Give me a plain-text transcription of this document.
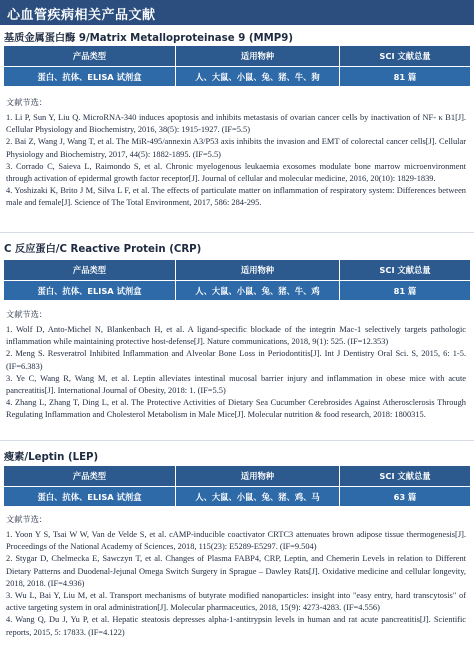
心血管疾病相关产品文献
基质金属蛋白酶 9/Matrix Metalloproteinase 9 (MMP9)
产品类型	适用物种	SCI 文献总量
蛋白、抗体、ELISA 试剂盒	人、大鼠、小鼠、兔、猪、牛、狗	81 篇
文献节选：
1. Li P, Sun Y, Liu Q. MicroRNA-340 induces apoptosis and inhibits metastasis of ovarian cancer cells by inactivation of NF- κ B1[J]. Cellular Physiology and Biochemistry, 2016, 38(5): 1915-1927. (IF=5.5)
2. Bai Z, Wang J, Wang T, et al. The MiR-495/annexin A3/P53 axis inhibits the invasion and EMT of colorectal cancer cells[J]. Cellular Physiology and Biochemistry, 2017, 44(5): 1882-1895. (IF=5.5)
3. Corrado C, Saieva L, Raimondo S, et al. Chronic myelogenous leukaemia exosomes modulate bone marrow microenvironment through activation of epidermal growth factor receptor[J]. Journal of cellular and molecular medicine, 2016, 20(10): 1829-1839.
4. Yoshizaki K, Brito J M, Silva L F, et al. The effects of particulate matter on inflammation of respiratory system: Differences between male and female[J]. Science of The Total Environment, 2017, 586: 284-295.
C 反应蛋白/C Reactive Protein (CRP)
产品类型	适用物种	SCI 文献总量
蛋白、抗体、ELISA 试剂盒	人、大鼠、小鼠、兔、猪、牛、鸡	81 篇
文献节选：
1. Wolf D, Anto-Michel N, Blankenbach H, et al. A ligand-specific blockade of the integrin Mac-1 selectively targets pathologic inflammation while maintaining protective host-defense[J]. Nature communications, 2018, 9(1): 525. (IF=12.353)
2. Meng S. Resveratrol Inhibited Inflammation and Alveolar Bone Loss in Periodontitis[J]. Int J Dentistry Oral Sci. S, 2015, 6: 1-5. (IF=6.383)
3. Ye C, Wang R, Wang M, et al. Leptin alleviates intestinal mucosal barrier injury and inflammation in obese mice with acute pancreatitis[J]. International Journal of Obesity, 2018: 1. (IF=5.5)
4. Zhang L, Zhang T, Ding L, et al. The Protective Activities of Dietary Sea Cucumber Cerebrosides Against Atherosclerosis Through Regulating Inflammation and Cholesterol Metabolism in Male Mice[J]. Molecular nutrition & food research, 2018: 1800315.
瘦素/Leptin (LEP)
产品类型	适用物种	SCI 文献总量
蛋白、抗体、ELISA 试剂盒	人、大鼠、小鼠、兔、猪、鸡、马	63 篇
文献节选：
1. Yoon Y S, Tsai W W, Van de Velde S, et al. cAMP-inducible coactivator CRTC3 attenuates brown adipose tissue thermogenesis[J]. Proceedings of the National Academy of Sciences, 2018, 115(23): E5289-E5297. (IF=9.504)
2. Stygar D, Chelmecka E, Sawczyn T, et al. Changes of Plasma FABP4, CRP, Leptin, and Chemerin Levels in relation to Different Dietary Patterns and Duodenal-Jejunal Omega Switch Surgery in Sprague – Dawley Rats[J]. Oxidative medicine and cellular longevity, 2018, 2018. (IF=4.936)
3. Wu L, Bai Y, Liu M, et al. Transport mechanisms of butyrate modified nanoparticles: insight into "easy entry, hard transcytosis" of active targeting system in oral administration[J]. Molecular pharmaceutics, 2018, 15(9): 4273-4283. (IF=4.556)
4. Wang Q, Du J, Yu P, et al. Hepatic steatosis depresses alpha-1-antitrypsin levels in human and rat acute pancreatitis[J]. Scientific reports, 2015, 5: 17833. (IF=4.122)
